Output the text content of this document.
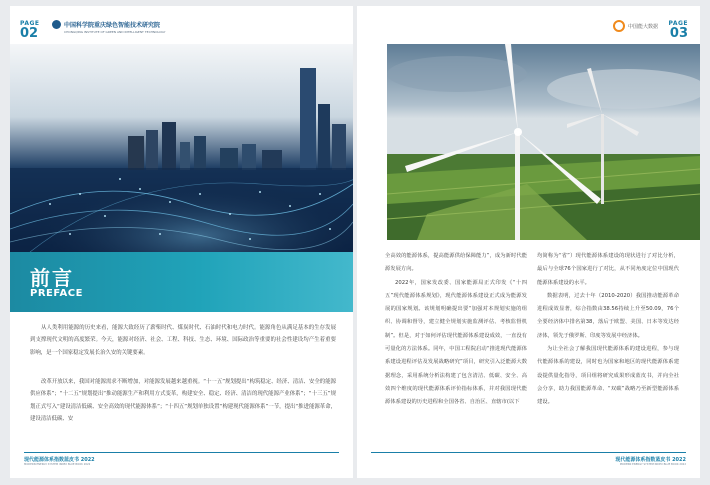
PAGE
02
中国科学院重庆绿色智能技术研究院
CHONGQING INSTITUTE OF GREEN AND INTELLIGENT TECHNOLOGY
前言
PREFACE

从人类利用能源的历史来看，能源大致经历了薪柴时代、煤炭时代、石油时代和电力时代。能源角色从满足基本的生存发展到支撑现代文明的高度繁荣。今天，能源对经济、社会、工程、科技、生态、环境、国际政治等重要的社会性建设均产生着重要影响，是一个国家稳定发展长治久安的关键要素。

改革开放以来，我国对能源需求不断增加，对能源发展越来越重视。“十一五”规划提出“构筑稳定、经济、清洁、安全的能源供应体系”；“十二五”规划提出“推动能源生产和利用方式变革，构建安全、稳定、经济、清洁的现代能源产业体系”；“十三五”规划正式写入“建设清洁低碳、安全高效的现代能源体系”；“十四五”规划单独设置“构建现代能源体系”一节，提出“推进能源革命，建设清洁低碳、安

现代能源体系指数蓝皮书 2022
MODERN ENERGY SYSTEM INDEX BLUE BOOK 2022
中国能大数据 PAGE
03

全高效的能源体系，提高能源供给保障能力”，成为新时代能源发展方向。

2022年，国家发改委、国家能源局正式印发《“十四五”现代能源体系规划》，现代能源体系建设正式成为能源发展的国家规划。该规划明确提出要“加强对本规划实施的组织、协调和督导，建立健全规划实施监测评估、考核监督机制”。但是，对于如何评估现代能源体系建设成效，一直没有可量化的方法体系。同年，中国工程院启动“推进现代能源体系建设进程评估及发展战略研究”项目，研究引入泛能源大数据理念，采用系统分析法构建了包含清洁、低碳、安全、高效四个维度的现代能源体系评价指标体系，并对我国现代能源体系建设的历史进程和全国各省、自治区、直辖市(以下

均简称为“省”）现代能源体系建设的现状进行了对比分析，最后与全球76个国家进行了对比，从不同角度定位中国现代能源体系建设的水平。

数据表明，过去十年（2010-2020）我国推动能源革命进程成效显著，综合指数由38.56持续上升至50.09，76个全要经济体中排名第38，落后于欧盟、美国、日本等发达经济体，领先于俄罗斯、印度等发展中经济体。

为让全社会了解我国现代能源体系的建设进程，参与现代能源体系的建设，同时也为国家和地区的现代能源体系建设提供量化指导，项目组将研究成果形成蓝皮书，并向全社会分享，助力我国能源革命、“双碳”战略乃至新型能源体系建设。

现代能源体系指数蓝皮书 2022
MODERN ENERGY SYSTEM INDEX BLUE BOOK 2022
